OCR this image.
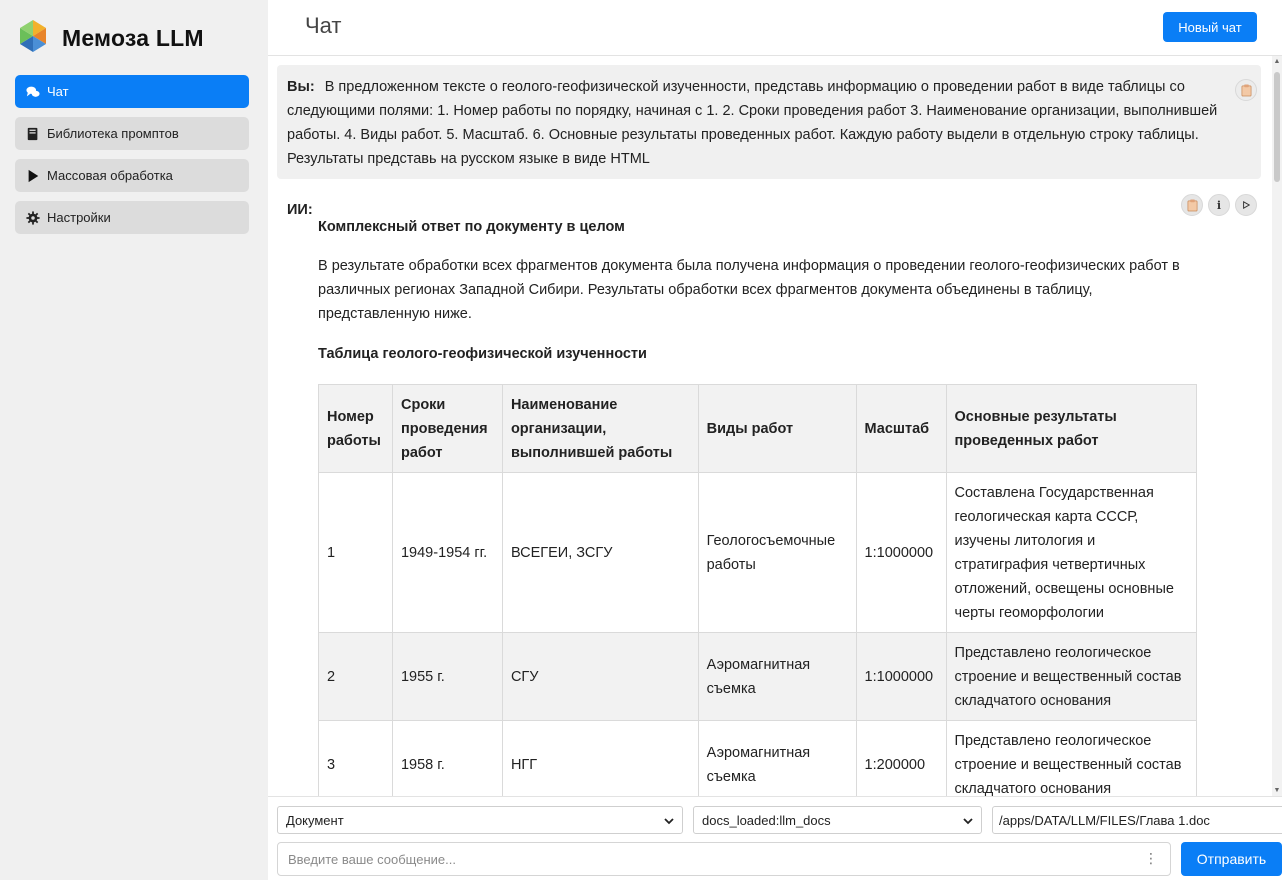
Мемоза LLM
Чат
Библиотека промптов
Массовая обработка
Настройки
Чат	Новый чат
Вы: В предложенном тексте о геолого-геофизической изученности, представь информацию о проведении работ в виде таблицы со следующими полями: 1. Номер работы по порядку, начиная с 1. 2. Сроки проведения работ 3. Наименование организации, выполнившей работы. 4. Виды работ. 5. Масштаб. 6. Основные результаты проведенных работ. Каждую работу выдели в отдельную строку таблицы. Результаты представь на русском языке в виде HTML
ИИ:	i
Комплексный ответ по документу в целом
В результате обработки всех фрагментов документа была получена информация о проведении геолого-геофизических работ в различных регионах Западной Сибири. Результаты обработки всех фрагментов документа объединены в таблицу, представленную ниже.
Таблица геолого-геофизической изученности
Номер работы	Сроки проведения работ	Наименование организации, выполнившей работы	Виды работ	Масштаб	Основные результаты проведенных работ
1	1949-1954 гг.	ВСЕГЕИ, ЗСГУ	Геологосъемочные работы	1:1000000	Составлена Государственная геологическая карта СССР, изучены литология и стратиграфия четвертичных отложений, освещены основные черты геоморфологии
2	1955 г.	СГУ	Аэромагнитная съемка	1:1000000	Представлено геологическое строение и вещественный состав складчатого основания
3	1958 г.	НГГ	Аэромагнитная съемка	1:200000	Представлено геологическое строение и вещественный состав складчатого основания
▲
▼
Документ	docs_loaded:llm_docs	/apps/DATA/LLM/FILES/Глава 1.doc
Введите ваше сообщение...
⋮	Отправить
